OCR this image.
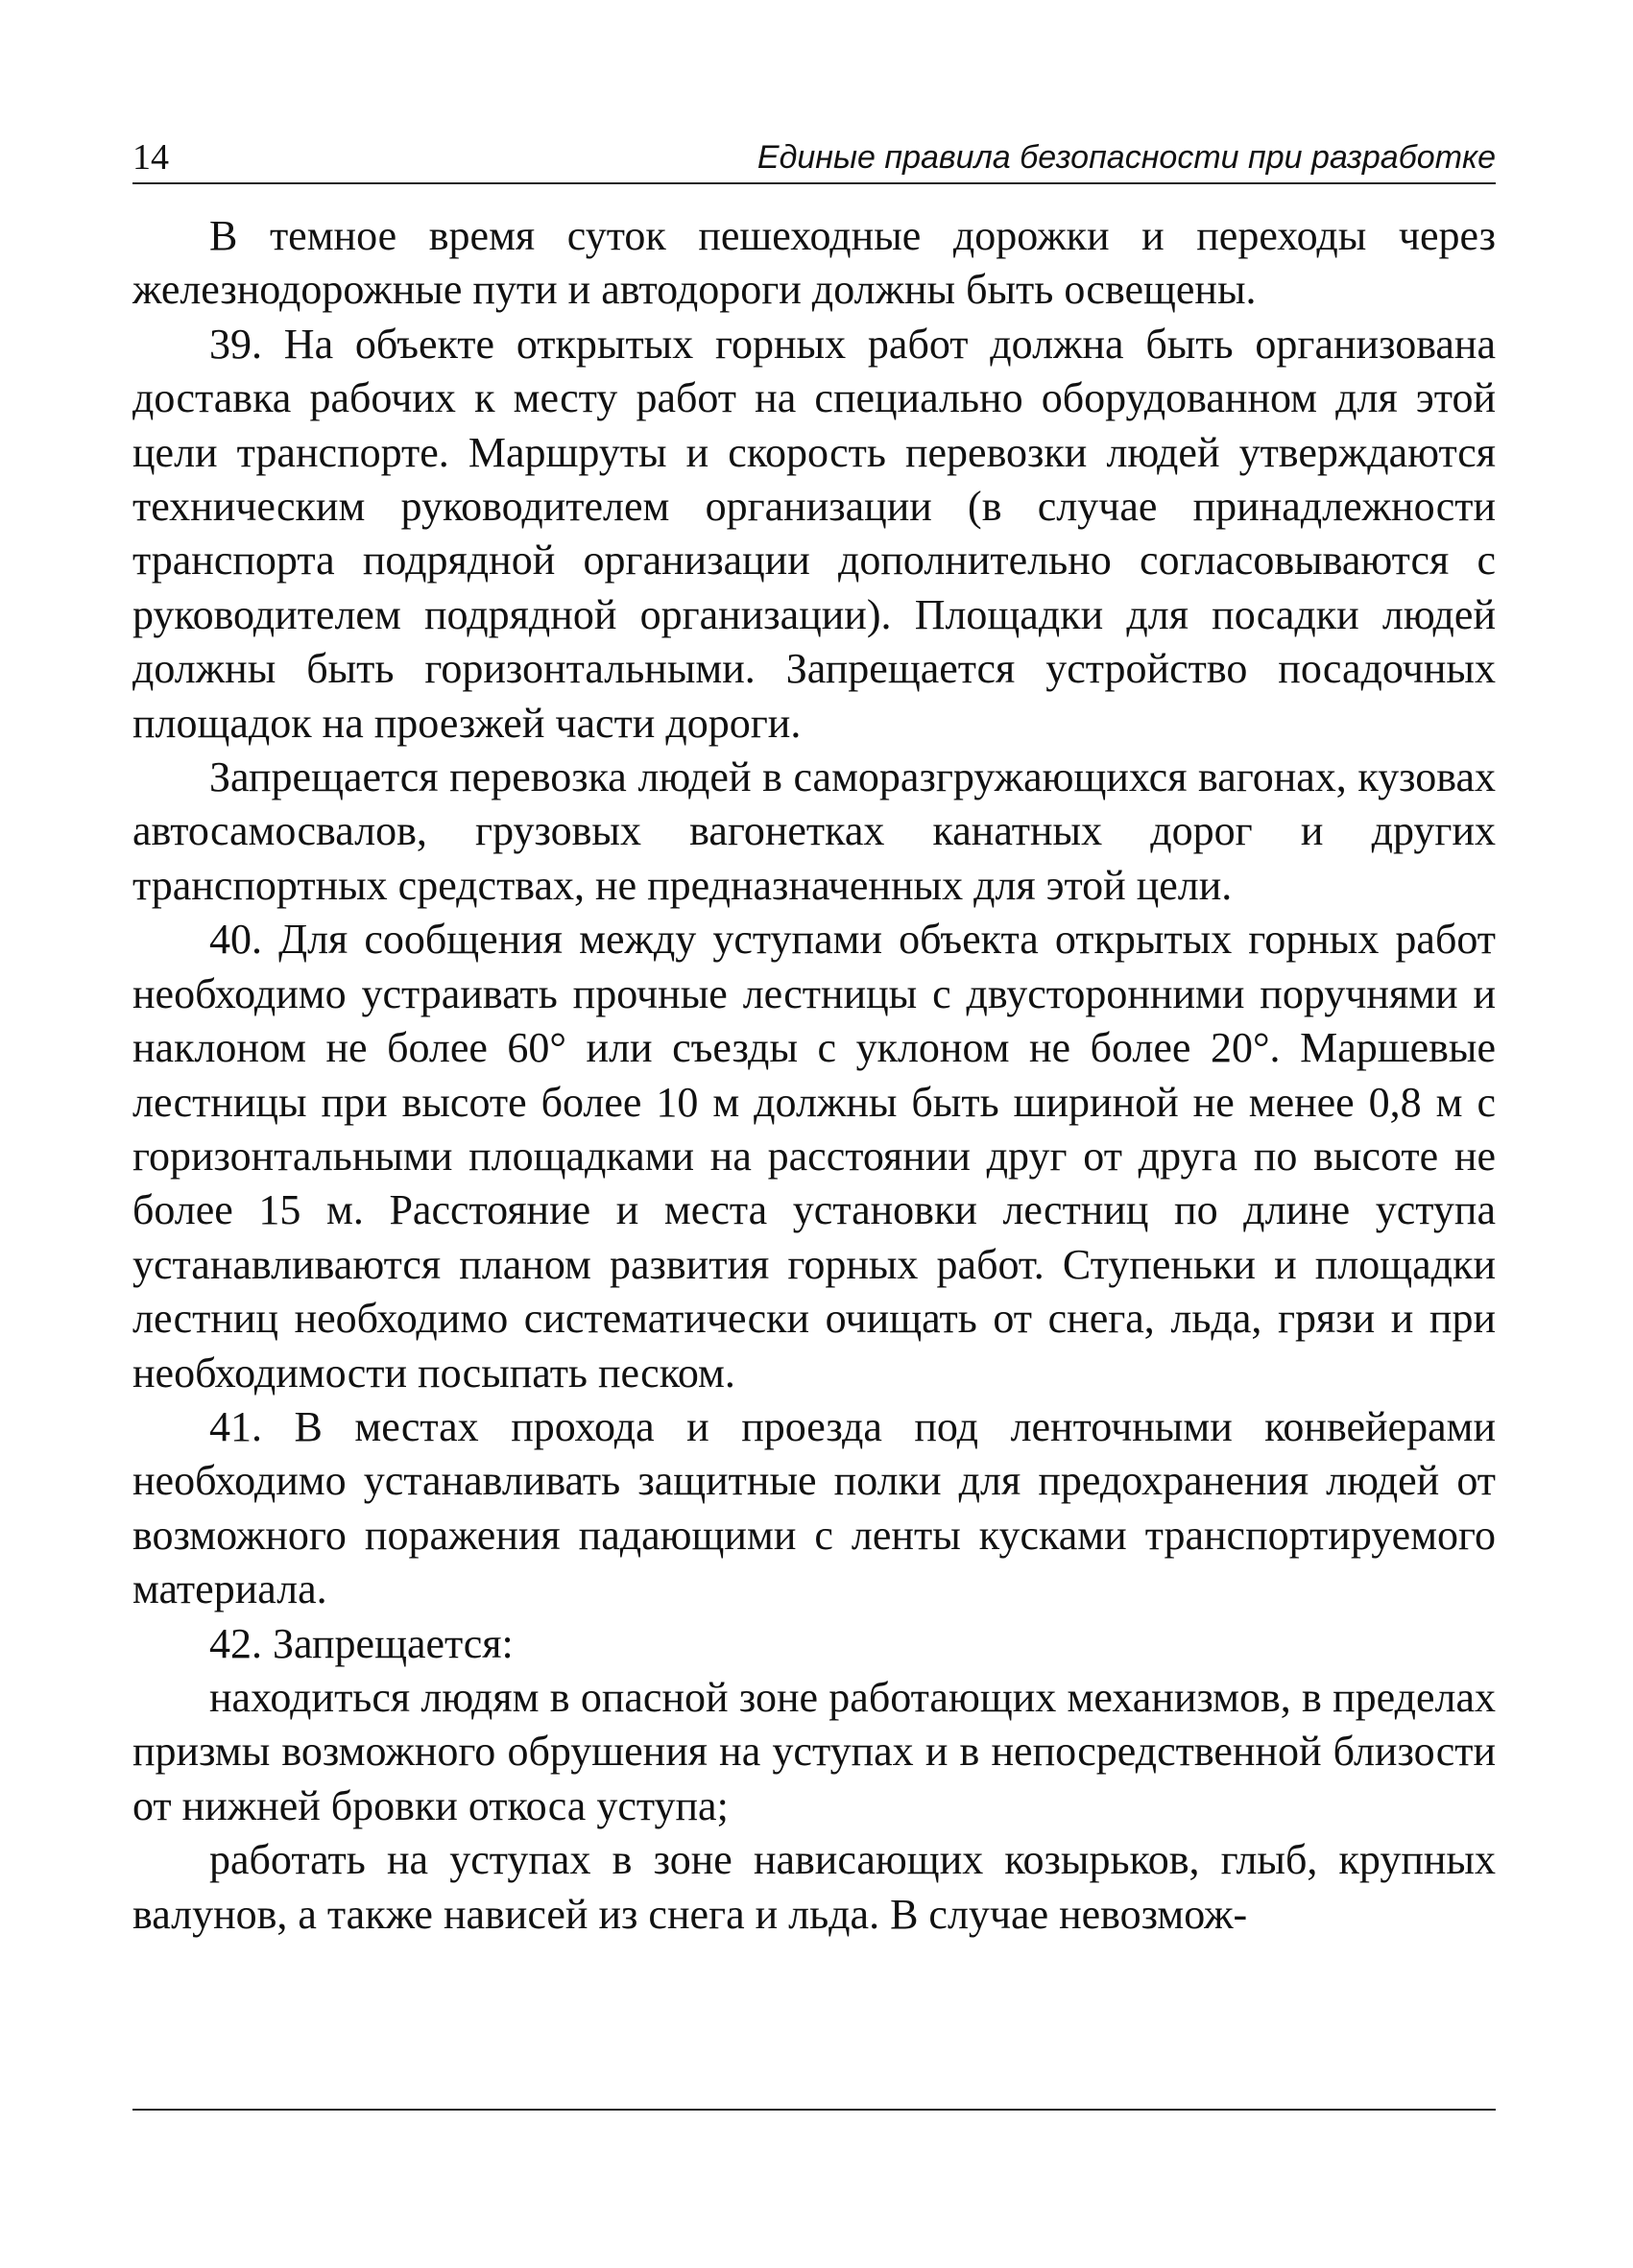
14	Единые правила безопасности при разработке

В темное время суток пешеходные дорожки и переходы через железнодорожные пути и автодороги должны быть освещены.

39. На объекте открытых горных работ должна быть организована доставка рабочих к месту работ на специально оборудованном для этой цели транспорте. Маршруты и скорость перевозки людей утверждаются техническим руководителем организации (в случае принадлежности транспорта подрядной организации дополнительно согласовываются с руководителем подрядной организации). Площадки для посадки людей должны быть горизонтальными. Запрещается устройство посадочных площадок на проезжей части дороги.

Запрещается перевозка людей в саморазгружающихся вагонах, кузовах автосамосвалов, грузовых вагонетках канатных дорог и других транспортных средствах, не предназначенных для этой цели.

40. Для сообщения между уступами объекта открытых горных работ необходимо устраивать прочные лестницы с двусторонними поручнями и наклоном не более 60° или съезды с уклоном не более 20°. Маршевые лестницы при высоте более 10 м должны быть шириной не менее 0,8 м с горизонтальными площадками на расстоянии друг от друга по высоте не более 15 м. Расстояние и места установки лестниц по длине уступа устанавливаются планом развития горных работ. Ступеньки и площадки лестниц необходимо систематически очищать от снега, льда, грязи и при необходимости посыпать песком.

41. В местах прохода и проезда под ленточными конвейерами необходимо устанавливать защитные полки для предохранения людей от возможного поражения падающими с ленты кусками транспортируемого материала.

42. Запрещается:

находиться людям в опасной зоне работающих механизмов, в пределах призмы возможного обрушения на уступах и в непосредственной близости от нижней бровки откоса уступа;

работать на уступах в зоне нависающих козырьков, глыб, крупных валунов, а также нависей из снега и льда. В случае невозмож-
